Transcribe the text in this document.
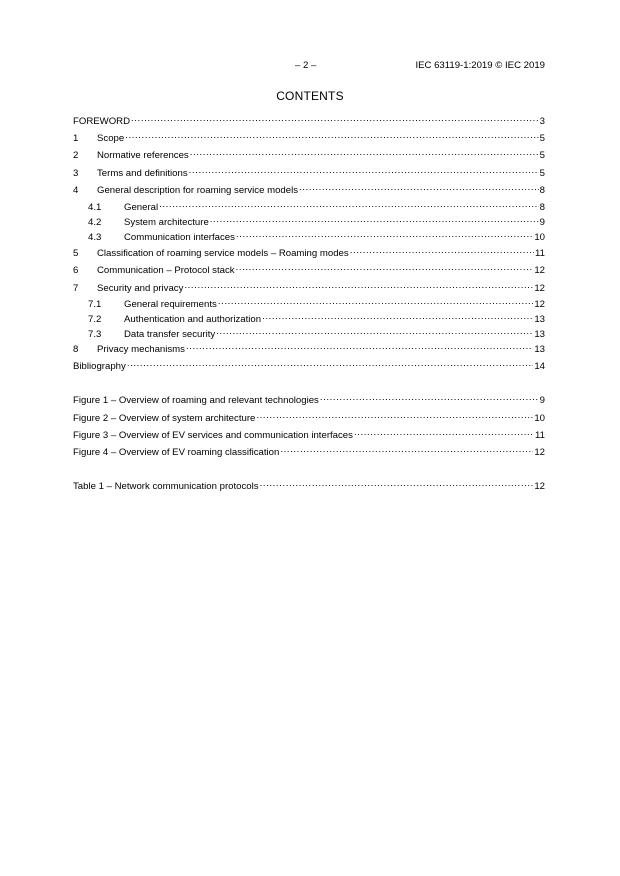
– 2 –	IEC 63119-1:2019 © IEC 2019
CONTENTS
FOREWORD .....	3
1	Scope .....	5
2	Normative references .....	5
3	Terms and definitions .....	5
4	General description for roaming service models .....	8
4.1	General .....	8
4.2	System architecture .....	9
4.3	Communication interfaces .....	10
5	Classification of roaming service models – Roaming modes .....	11
6	Communication – Protocol stack .....	12
7	Security and privacy .....	12
7.1	General requirements .....	12
7.2	Authentication and authorization .....	13
7.3	Data transfer security .....	13
8	Privacy mechanisms .....	13
Bibliography .....	14
Figure 1 – Overview of roaming and relevant technologies .....	9
Figure 2 – Overview of system architecture .....	10
Figure 3 – Overview of EV services and communication interfaces .....	11
Figure 4 – Overview of EV roaming classification .....	12
Table 1 – Network communication protocols .....	12
